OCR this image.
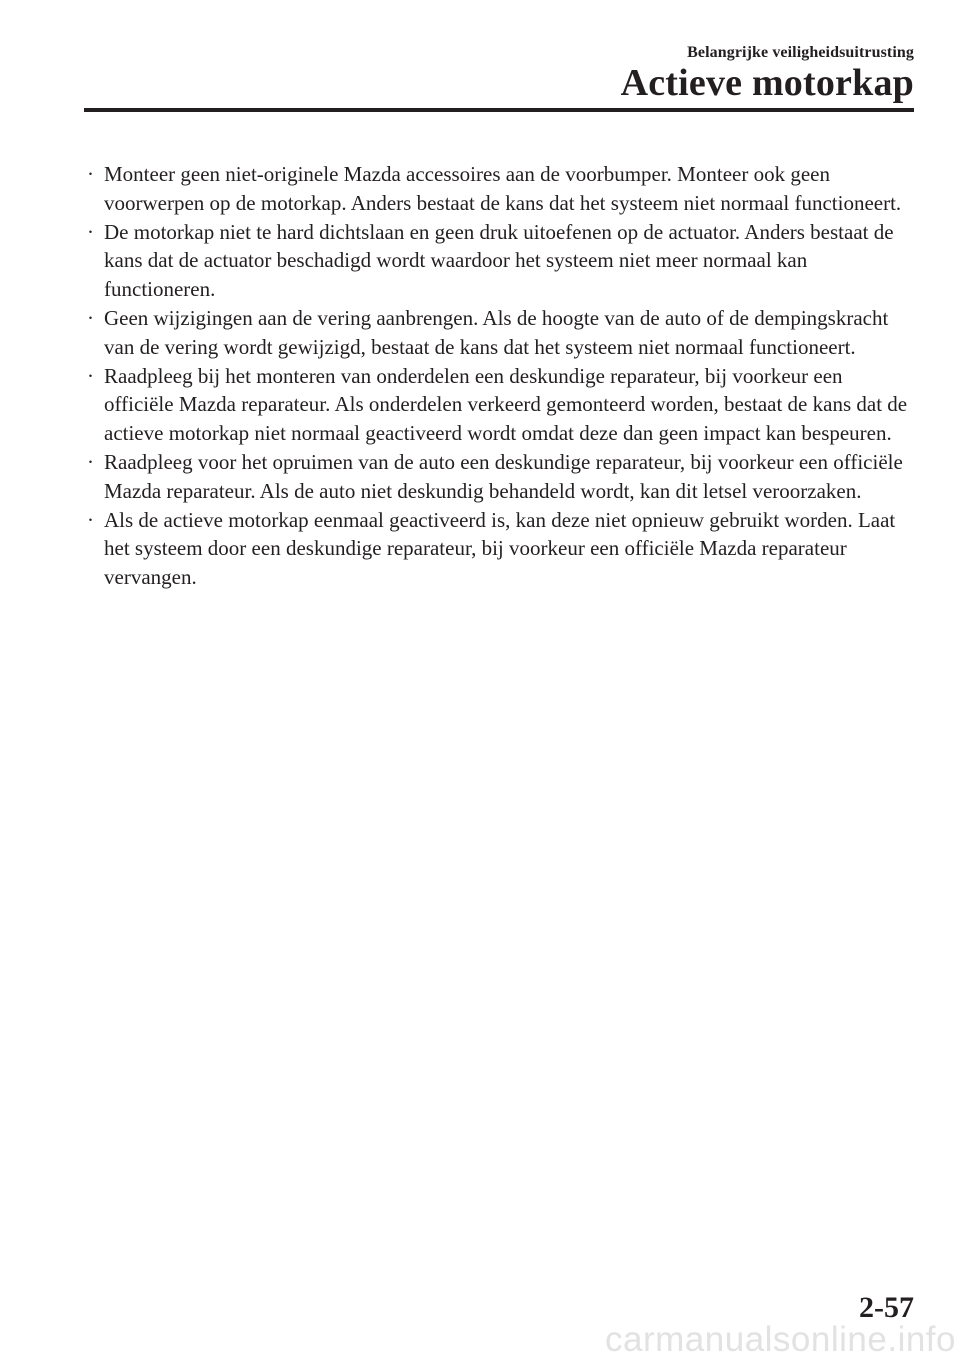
Belangrijke veiligheidsuitrusting
Actieve motorkap
· Monteer geen niet-originele Mazda accessoires aan de voorbumper. Monteer ook geen voorwerpen op de motorkap. Anders bestaat de kans dat het systeem niet normaal functioneert.
· De motorkap niet te hard dichtslaan en geen druk uitoefenen op de actuator. Anders bestaat de kans dat de actuator beschadigd wordt waardoor het systeem niet meer normaal kan functioneren.
· Geen wijzigingen aan de vering aanbrengen. Als de hoogte van de auto of de dempingskracht van de vering wordt gewijzigd, bestaat de kans dat het systeem niet normaal functioneert.
· Raadpleeg bij het monteren van onderdelen een deskundige reparateur, bij voorkeur een officiële Mazda reparateur. Als onderdelen verkeerd gemonteerd worden, bestaat de kans dat de actieve motorkap niet normaal geactiveerd wordt omdat deze dan geen impact kan bespeuren.
· Raadpleeg voor het opruimen van de auto een deskundige reparateur, bij voorkeur een officiële Mazda reparateur. Als de auto niet deskundig behandeld wordt, kan dit letsel veroorzaken.
· Als de actieve motorkap eenmaal geactiveerd is, kan deze niet opnieuw gebruikt worden. Laat het systeem door een deskundige reparateur, bij voorkeur een officiële Mazda reparateur vervangen.
2-57
carmanualsonline.info
